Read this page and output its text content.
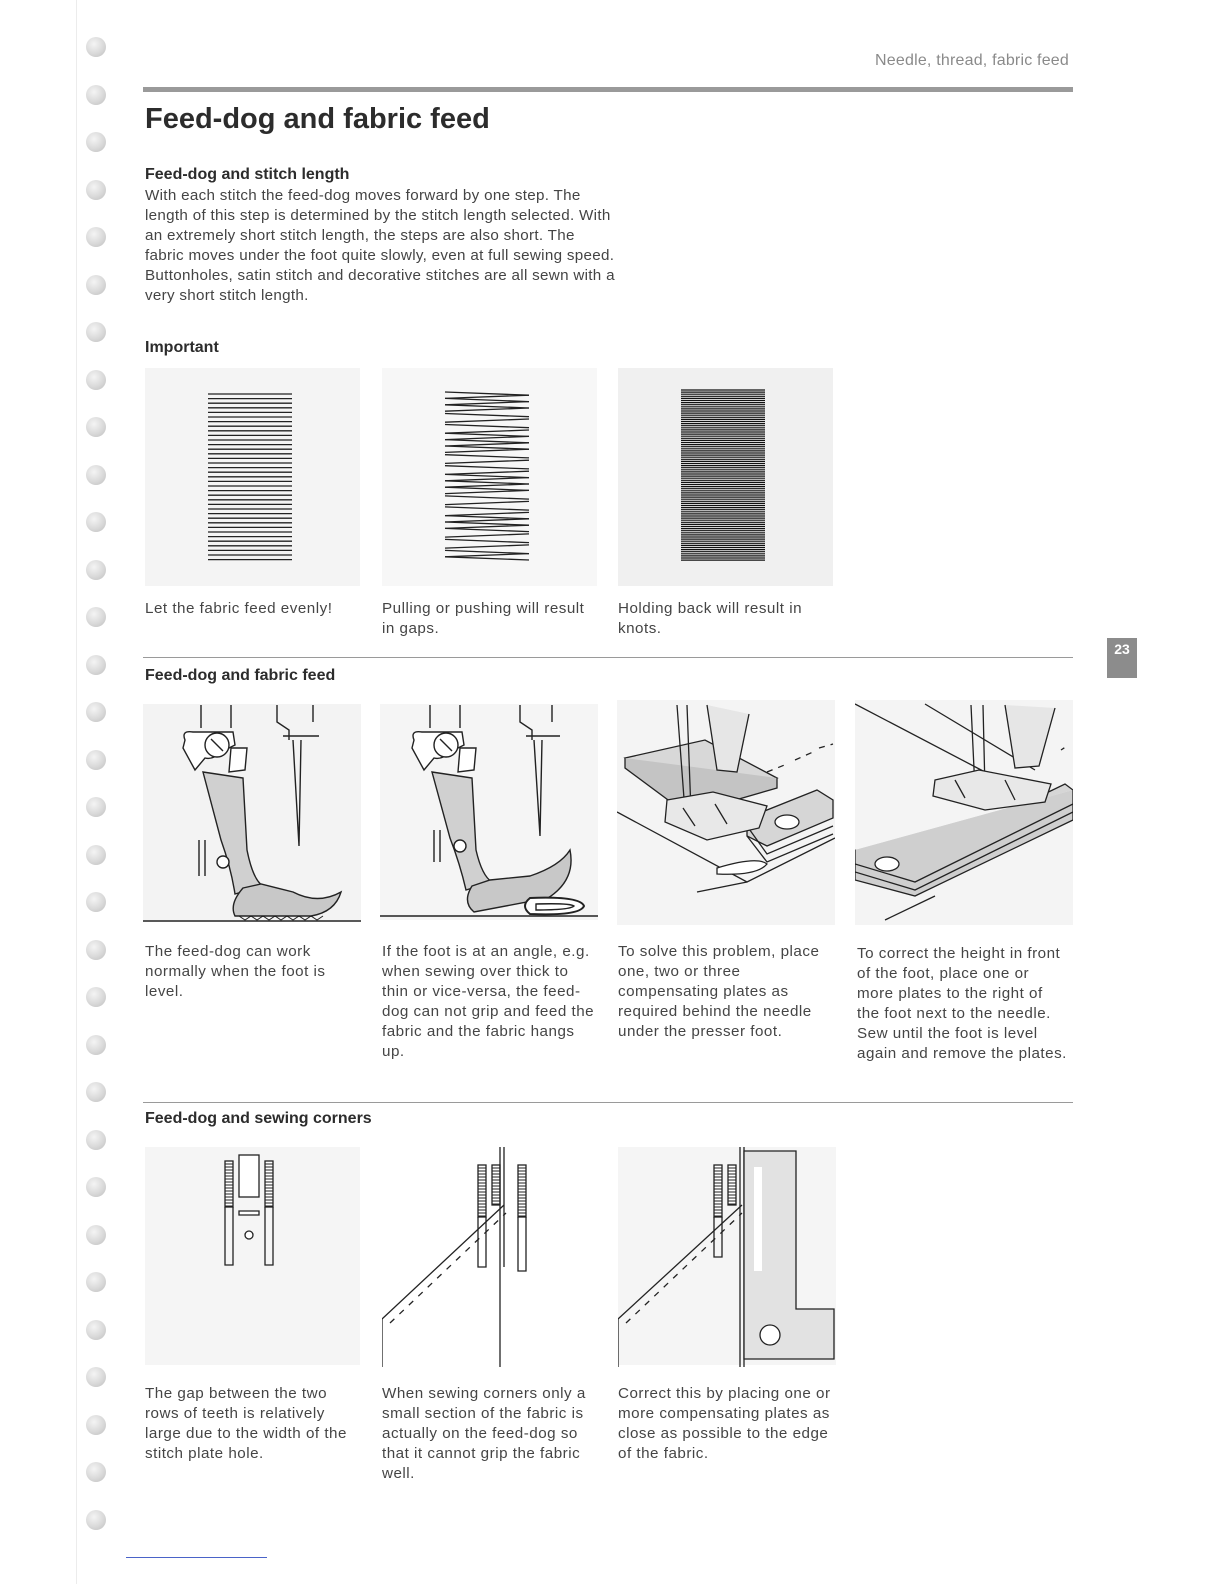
Needle, thread, fabric feed
Feed-dog and fabric feed
Feed-dog and stitch length
With each stitch the feed-dog moves forward by one step. The length of this step is determined by the stitch length selected. With an extremely short stitch length, the steps are also short. The fabric moves under the foot quite slowly, even at full sewing speed. Buttonholes, satin stitch and decorative stitches are all sewn with a very short stitch length.
Important
Let the fabric feed evenly!	Pulling or pushing will result in gaps.
Holding back will result in knots.
Feed-dog and fabric feed
The feed-dog can work normally when the foot is level.
If the foot is at an angle, e.g. when sewing over thick to thin or vice-versa, the feed-dog can not grip and feed the fabric and the fabric hangs up.
To solve this problem, place one, two or three compensating plates as required behind the needle under the presser foot.
To correct the height in front of the foot, place one or more plates to the right of the foot next to the needle. Sew until the foot is level again and remove the plates.
Feed-dog and sewing corners
The gap between the two rows of teeth is relatively large due to the width of the stitch plate hole.
When sewing corners only a small section of the fabric is actually on the feed-dog so that it cannot grip the fabric well.
Correct this by placing one or more compensating plates as close as possible to the edge of the fabric.
23
